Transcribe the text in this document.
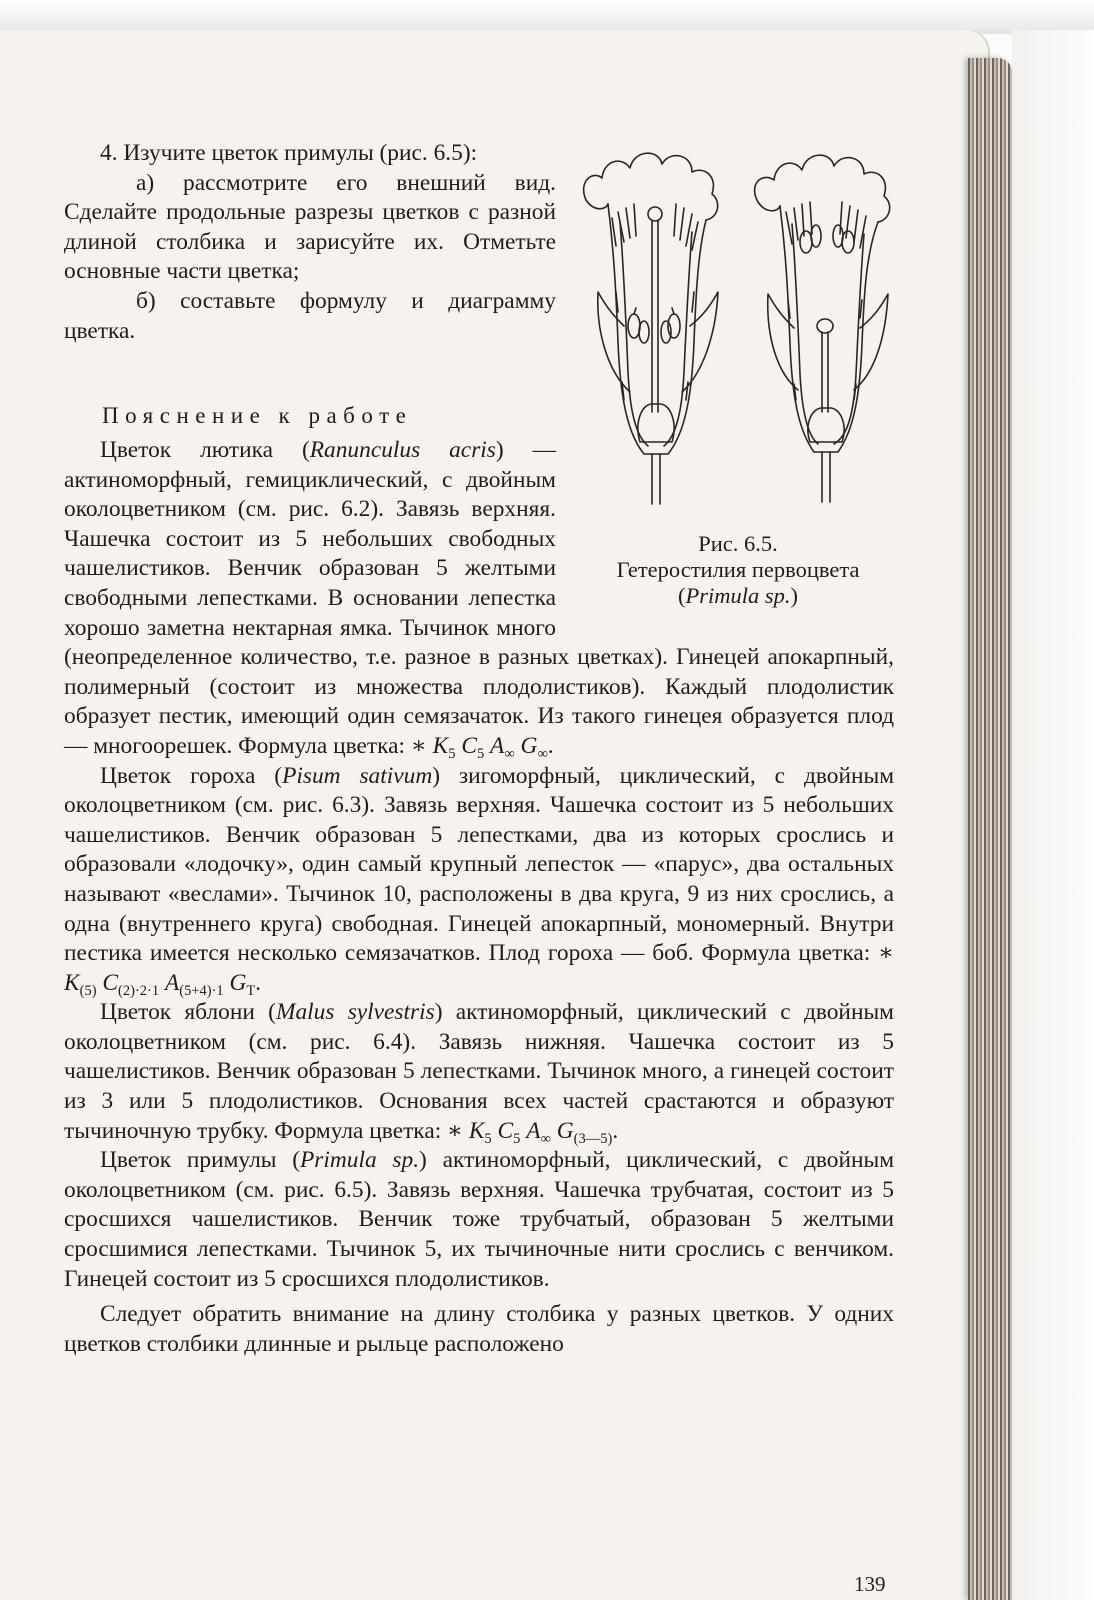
4. Изучите цветок примулы (рис. 6.5):

а) рассмотрите его внешний вид. Сделайте продольные разрезы цветков с разной длиной столбика и зарисуйте их. Отметьте основные части цветка;

б) составьте формулу и диаграмму цветка.

Пояснение к работе

Рис. 6.5.
Гетеростилия первоцвета
(Primula sp.)

Цветок лютика (Ranunculus acris) — актиноморфный, гемициклический, с двойным околоцветником (см. рис. 6.2). Завязь верхняя. Чашечка состоит из 5 небольших свободных чашелистиков. Венчик образован 5 желтыми свободными лепестками. В основании лепестка хорошо заметна нектарная ямка. Тычинок много (неопределенное количество, т.е. разное в разных цветках). Гинецей апокарпный, полимерный (состоит из множества плодолистиков). Каждый плодолистик образует пестик, имеющий один семязачаток. Из такого гинецея образуется плод — многоорешек. Формула цветка: ∗ $K_5$ $C_5$ $A_\infty$ $G_\infty$.

Цветок гороха (Pisum sativum) зигоморфный, циклический, с двойным околоцветником (см. рис. 6.3). Завязь верхняя. Чашечка состоит из 5 небольших чашелистиков. Венчик образован 5 лепестками, два из которых срослись и образовали «лодочку», один самый крупный лепесток — «парус», два остальных называют «веслами». Тычинок 10, расположены в два круга, 9 из них срослись, а одна (внутреннего круга) свободная. Гинецей апокарпный, мономерный. Внутри пестика имеется несколько семязачатков. Плод гороха — боб. Формула цветка: ∗ $K_{(5)}$ $C_{(2)\cdot 2\cdot 1}$ $A_{(5+4)\cdot 1}$ $G_Т$.

Цветок яблони (Malus sylvestris) актиноморфный, циклический с двойным околоцветником (см. рис. 6.4). Завязь нижняя. Чашечка состоит из 5 чашелистиков. Венчик образован 5 лепестками. Тычинок много, а гинецей состоит из 3 или 5 плодолистиков. Основания всех частей срастаются и образуют тычиночную трубку. Формула цветка: ∗ $K_5$ $C_5$ $A_\infty$ $G_{(3—5)}$.

Цветок примулы (Primula sp.) актиноморфный, циклический, с двойным околоцветником (см. рис. 6.5). Завязь верхняя. Чашечка трубчатая, состоит из 5 сросшихся чашелистиков. Венчик тоже трубчатый, образован 5 желтыми сросшимися лепестками. Тычинок 5, их тычиночные нити срослись с венчиком. Гинецей состоит из 5 сросшихся плодолистиков.

Следует обратить внимание на длину столбика у разных цветков. У одних цветков столбики длинные и рыльце расположено

139
